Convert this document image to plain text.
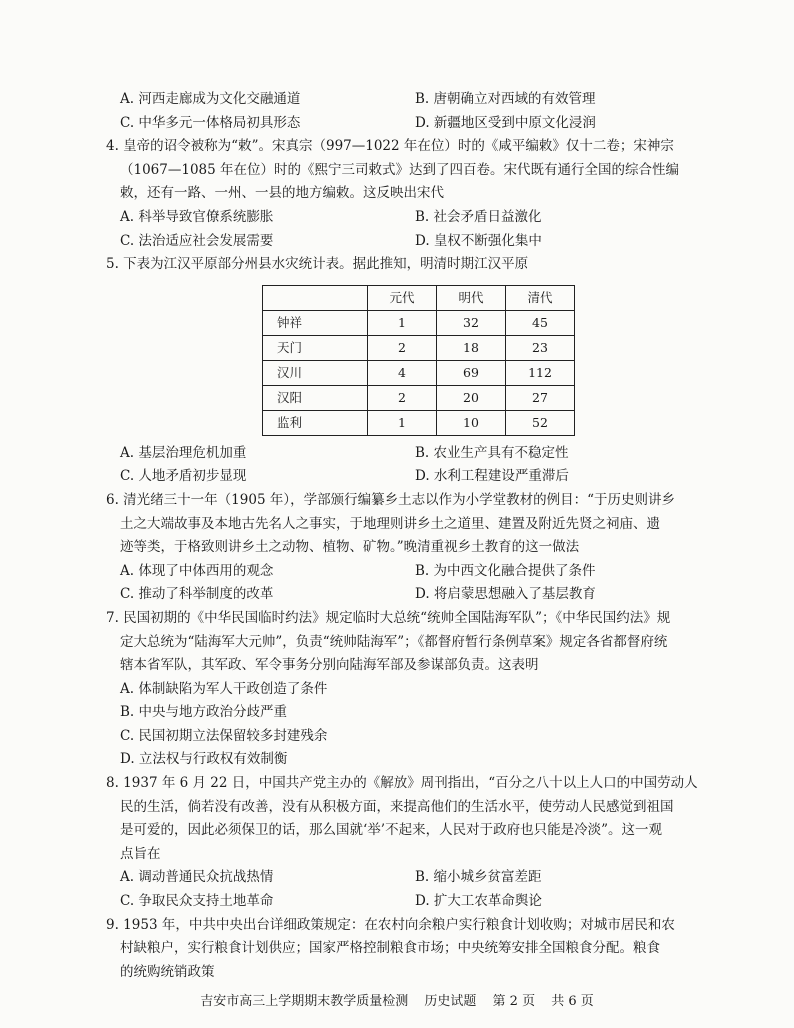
A. 河西走廊成为文化交融通道	B. 唐朝确立对西域的有效管理
C. 中华多元一体格局初具形态	D. 新疆地区受到中原文化浸润
4. 皇帝的诏令被称为“敕”。宋真宗（997—1022 年在位）时的《咸平编敕》仅十二卷；宋神宗
（1067—1085 年在位）时的《熙宁三司敕式》达到了四百卷。宋代既有通行全国的综合性编
敕，还有一路、一州、一县的地方编敕。这反映出宋代
A. 科举导致官僚系统膨胀	B. 社会矛盾日益激化
C. 法治适应社会发展需要	D. 皇权不断强化集中
5. 下表为江汉平原部分州县水灾统计表。据此推知，明清时期江汉平原
	元代	明代	清代
钟祥	1	32	45
天门	2	18	23
汉川	4	69	112
汉阳	2	20	27
监利	1	10	52
A. 基层治理危机加重	B. 农业生产具有不稳定性
C. 人地矛盾初步显现	D. 水利工程建设严重滞后
6. 清光绪三十一年（1905 年），学部颁行编纂乡土志以作为小学堂教材的例目：“于历史则讲乡
土之大端故事及本地古先名人之事实，于地理则讲乡土之道里、建置及附近先贤之祠庙、遗
迹等类，于格致则讲乡土之动物、植物、矿物。”晚清重视乡土教育的这一做法
A. 体现了中体西用的观念	B. 为中西文化融合提供了条件
C. 推动了科举制度的改革	D. 将启蒙思想融入了基层教育
7. 民国初期的《中华民国临时约法》规定临时大总统“统帅全国陆海军队”；《中华民国约法》规
定大总统为“陆海军大元帅”，负责“统帅陆海军”；《都督府暂行条例草案》规定各省都督府统
辖本省军队，其军政、军令事务分别向陆海军部及参谋部负责。这表明
A. 体制缺陷为军人干政创造了条件
B. 中央与地方政治分歧严重
C. 民国初期立法保留较多封建残余
D. 立法权与行政权有效制衡
8. 1937 年 6 月 22 日，中国共产党主办的《解放》周刊指出，“百分之八十以上人口的中国劳动人
民的生活，倘若没有改善，没有从积极方面，来提高他们的生活水平，使劳动人民感觉到祖国
是可爱的，因此必须保卫的话，那么国就‘举’不起来，人民对于政府也只能是冷淡”。这一观
点旨在
A. 调动普通民众抗战热情	B. 缩小城乡贫富差距
C. 争取民众支持土地革命	D. 扩大工农革命舆论
9. 1953 年，中共中央出台详细政策规定：在农村向余粮户实行粮食计划收购；对城市居民和农
村缺粮户，实行粮食计划供应；国家严格控制粮食市场；中央统筹安排全国粮食分配。粮食
的统购统销政策
吉安市高三上学期期末教学质量检测 历史试题 第 2 页 共 6 页
